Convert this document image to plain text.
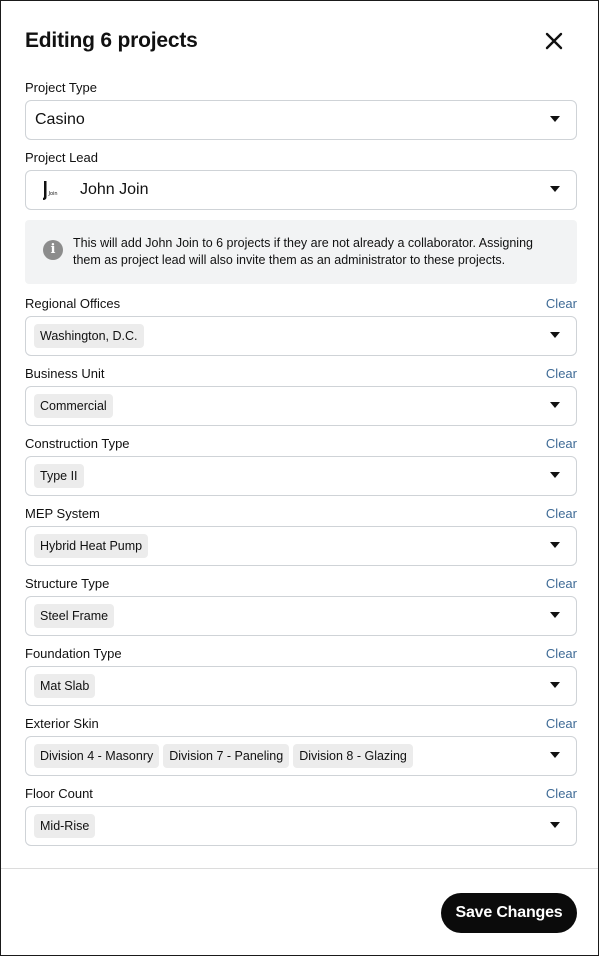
Editing 6 projects
Project Type
Casino
Project Lead
Join John Join
i	This will add John Join to 6 projects if they are not already a collaborator. Assigning them as project lead will also invite them as an administrator to these projects.
Regional Offices	Clear
Washington, D.C.
Business Unit	Clear
Commercial
Construction Type	Clear
Type II
MEP System	Clear
Hybrid Heat Pump
Structure Type	Clear
Steel Frame
Foundation Type	Clear
Mat Slab
Exterior Skin	Clear
Division 4 - Masonry	Division 7 - Paneling	Division 8 - Glazing
Floor Count	Clear
Mid-Rise
Save Changes
